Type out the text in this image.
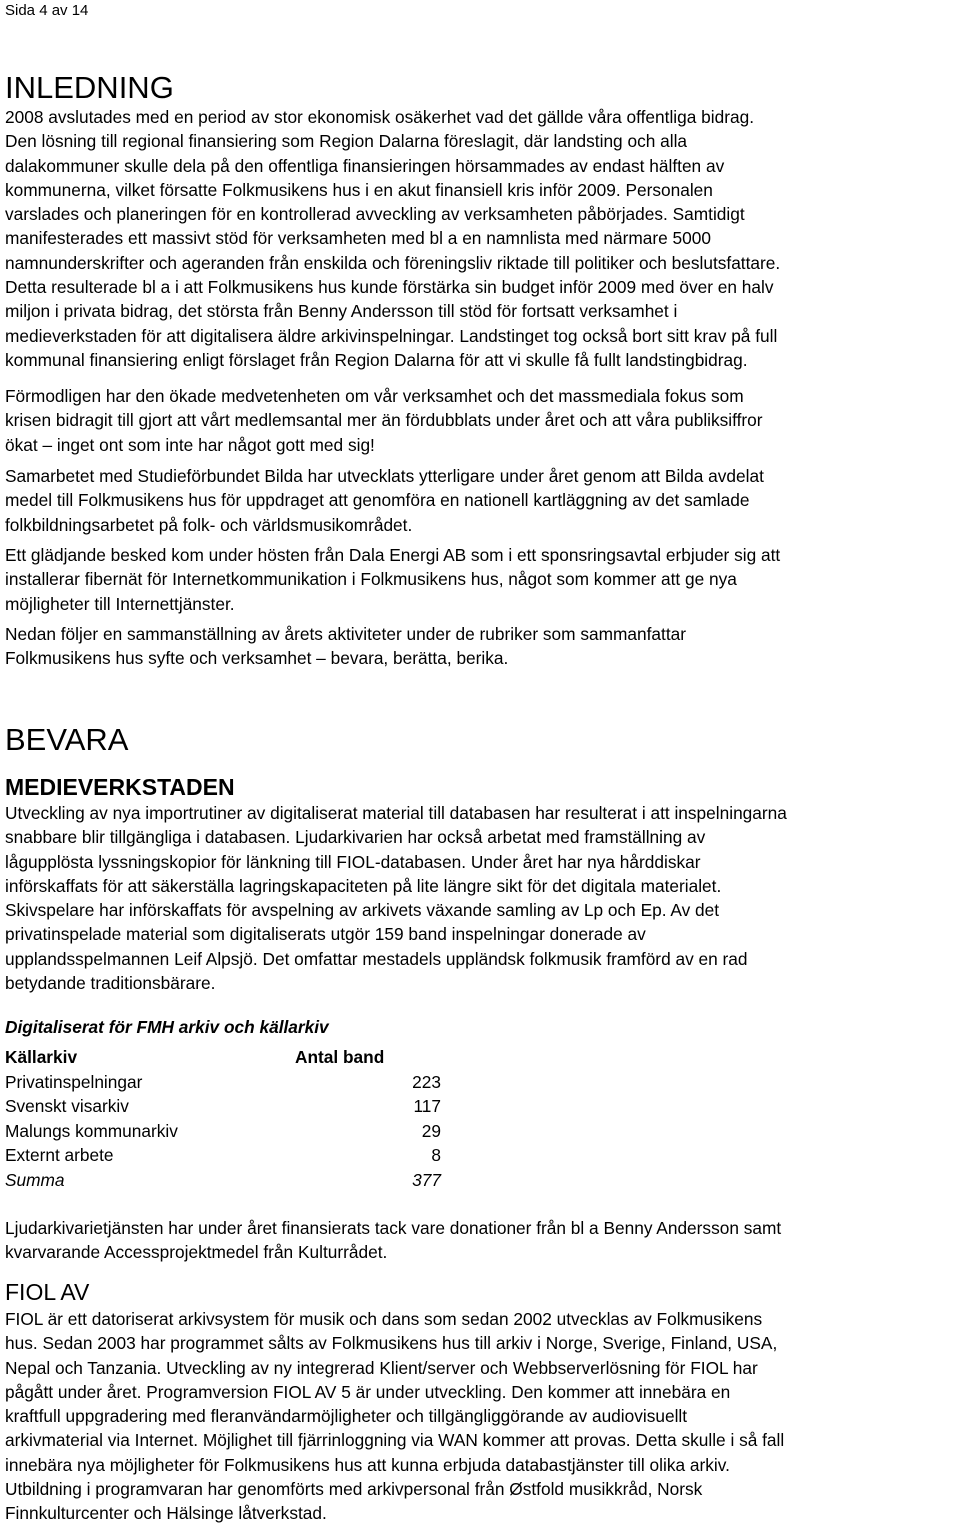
Sida 4 av 14
INLEDNING

2008 avslutades med en period av stor ekonomisk osäkerhet vad det gällde våra offentliga bidrag.

Den lösning till regional finansiering som Region Dalarna föreslagit, där landsting och alla

dalakommuner skulle dela på den offentliga finansieringen hörsammades av endast hälften av

kommunerna, vilket försatte Folkmusikens hus i en akut finansiell kris inför 2009. Personalen

varslades och planeringen för en kontrollerad avveckling av verksamheten påbörjades. Samtidigt

manifesterades ett massivt stöd för verksamheten med bl a en namnlista med närmare 5000

namnunderskrifter och ageranden från enskilda och föreningsliv riktade till politiker och beslutsfattare.

Detta resulterade bl a i att Folkmusikens hus kunde förstärka sin budget inför 2009 med över en halv

miljon i privata bidrag, det största från Benny Andersson till stöd för fortsatt verksamhet i

medieverkstaden för att digitalisera äldre arkivinspelningar. Landstinget tog också bort sitt krav på full

kommunal finansiering enligt förslaget från Region Dalarna för att vi skulle få fullt landstingbidrag.

Förmodligen har den ökade medvetenheten om vår verksamhet och det massmediala fokus som

krisen bidragit till gjort att vårt medlemsantal mer än fördubblats under året och att våra publiksiffror

ökat – inget ont som inte har något gott med sig!

Samarbetet med Studieförbundet Bilda har utvecklats ytterligare under året genom att Bilda avdelat

medel till Folkmusikens hus för uppdraget att genomföra en nationell kartläggning av det samlade

folkbildningsarbetet på folk- och världsmusikområdet.

Ett glädjande besked kom under hösten från Dala Energi AB som i ett sponsringsavtal erbjuder sig att

installerar fibernät för Internetkommunikation i Folkmusikens hus, något som kommer att ge nya

möjligheter till Internettjänster.

Nedan följer en sammanställning av årets aktiviteter under de rubriker som sammanfattar

Folkmusikens hus syfte och verksamhet – bevara, berätta, berika.

BEVARA
MEDIEVERKSTADEN

Utveckling av nya importrutiner av digitaliserat material till databasen har resulterat i att inspelningarna

snabbare blir tillgängliga i databasen. Ljudarkivarien har också arbetat med framställning av

lågupplösta lyssningskopior för länkning till FIOL-databasen. Under året har nya hårddiskar

införskaffats för att säkerställa lagringskapaciteten på lite längre sikt för det digitala materialet.

Skivspelare har införskaffats för avspelning av arkivets växande samling av Lp och Ep. Av det

privatinspelade material som digitaliserats utgör 159 band inspelningar donerade av

upplandsspelmannen Leif Alpsjö. Det omfattar mestadels uppländsk folkmusik framförd av en rad

betydande traditionsbärare.

Digitaliserat för FMH arkiv och källarkiv
Källarkiv	Antal band
Privatinspelningar	223
Svenskt visarkiv	117
Malungs kommunarkiv	29
Externt arbete	8
Summa	377

Ljudarkivarietjänsten har under året finansierats tack vare donationer från bl a Benny Andersson samt

kvarvarande Accessprojektmedel från Kulturrådet.

FIOL AV

FIOL är ett datoriserat arkivsystem för musik och dans som sedan 2002 utvecklas av Folkmusikens

hus. Sedan 2003 har programmet sålts av Folkmusikens hus till arkiv i Norge, Sverige, Finland, USA,

Nepal och Tanzania. Utveckling av ny integrerad Klient/server och Webbserverlösning för FIOL har

pågått under året. Programversion FIOL AV 5 är under utveckling. Den kommer att innebära en

kraftfull uppgradering med fleranvändarmöjligheter och tillgängliggörande av audiovisuellt

arkivmaterial via Internet. Möjlighet till fjärrinloggning via WAN kommer att provas. Detta skulle i så fall

innebära nya möjligheter för Folkmusikens hus att kunna erbjuda databastjänster till olika arkiv.

Utbildning i programvaran har genomförts med arkivpersonal från Østfold musikkråd, Norsk

Finnkulturcenter och Hälsinge låtverkstad.
